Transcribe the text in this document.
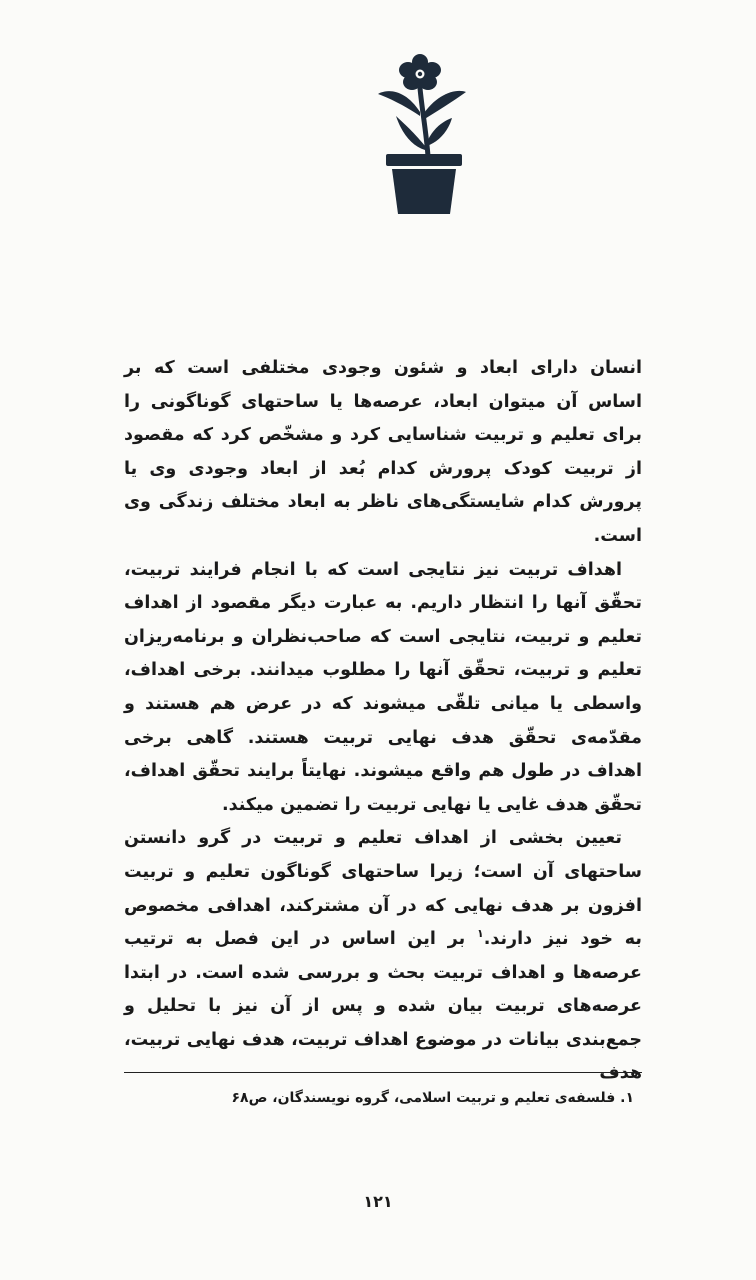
انسان دارای ابعاد و شئون وجودی مختلفی است که بر اساس آن میتوان ابعاد، عرصه‌ها یا ساحتهای گوناگونی را برای تعلیم و تربیت شناسایی کرد و مشخّص کرد که مقصود از تربیت کودک پرورش کدام بُعد از ابعاد وجودی وی یا پرورش کدام شایستگی‌های ناظر به ابعاد مختلف زندگی وی است.

اهداف تربیت نیز نتایجی است که با انجام فرایند تربیت، تحقّق آنها را انتظار داریم. به عبارت دیگر مقصود از اهداف تعلیم و تربیت، نتایجی است که صاحب‌نظران و برنامه‌ریزان تعلیم و تربیت، تحقّق آنها را مطلوب میدانند. برخی اهداف، واسطی یا میانی تلقّی میشوند که در عرض هم هستند و مقدّمه‌ی تحقّق هدف نهایی تربیت هستند. گاهی برخی اهداف در طول هم واقع میشوند. نهایتاً برایند تحقّق اهداف، تحقّق هدف غایی یا نهایی تربیت را تضمین میکند.

تعیین بخشی از اهداف تعلیم و تربیت در گرو دانستن ساحتهای آن است؛ زیرا ساحتهای گوناگون تعلیم و تربیت افزون بر هدف نهایی که در آن مشترکند، اهدافی مخصوص به خود نیز دارند.$^۱$ بر این اساس در این فصل به ترتیب عرصه‌ها و اهداف تربیت بحث و بررسی شده است. در ابتدا عرصه‌های تربیت بیان شده و پس از آن نیز با تحلیل و جمع‌بندی بیانات در موضوع اهداف تربیت، هدف نهایی تربیت، هدف

۱. فلسفه‌ی تعلیم و تربیت اسلامی، گروه نویسندگان، ص۶۸
۱۲۱
